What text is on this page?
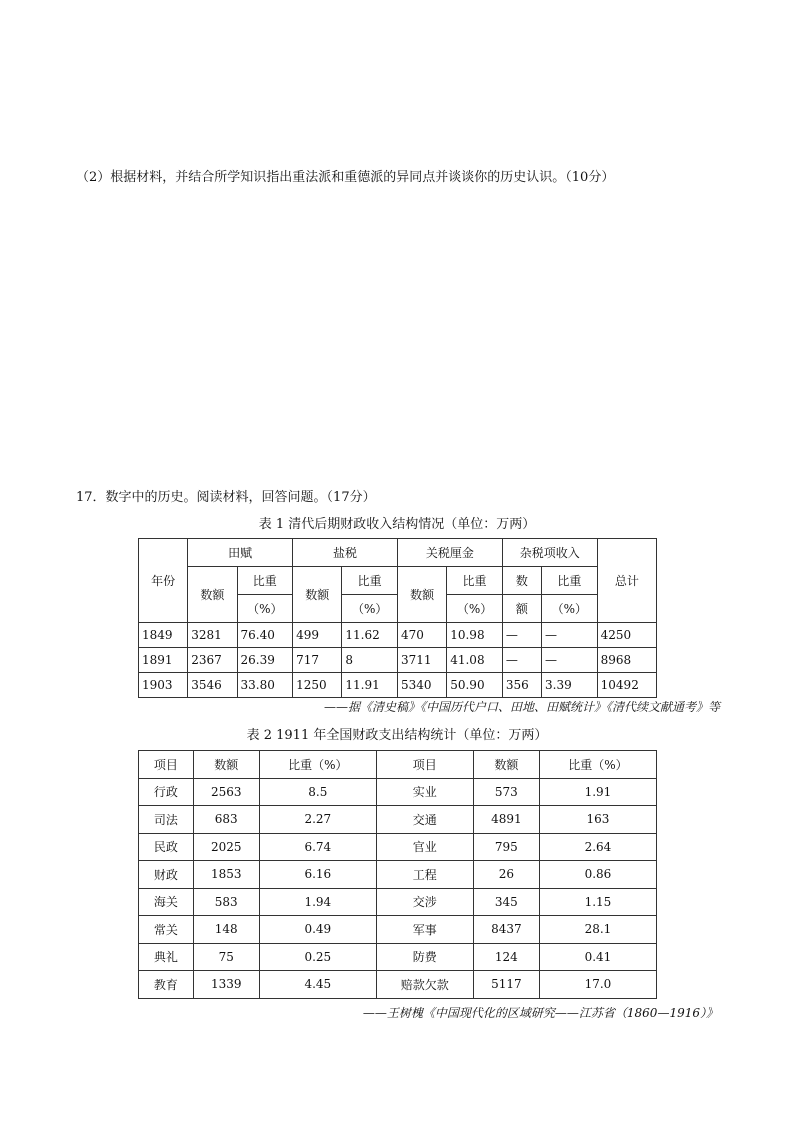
（2）根据材料，并结合所学知识指出重法派和重德派的异同点并谈谈你的历史认识。（10分）
17．数字中的历史。阅读材料，回答问题。（17分）
表 1 清代后期财政收入结构情况（单位：万两）
年份	田赋		盐税		关税厘金		杂税项收入		总计
	数额	比重	数额	比重	数额	比重	数	比重	
		（%）		（%）		（%）	额	（%）	
1849	3281	76.40	499	11.62	470	10.98	—	—	4250
1891	2367	26.39	717	8	3711	41.08	—	—	8968
1903	3546	33.80	1250	11.91	5340	50.90	356	3.39	10492
——据《清史稿》《中国历代户口、田地、田赋统计》《清代续文献通考》等
表 2 1911 年全国财政支出结构统计（单位：万两）
项目	数额	比重（%）	项目	数额	比重（%）
行政	2563	8.5	实业	573	1.91
司法	683	2.27	交通	4891	163
民政	2025	6.74	官业	795	2.64
财政	1853	6.16	工程	26	0.86
海关	583	1.94	交涉	345	1.15
常关	148	0.49	军事	8437	28.1
典礼	75	0.25	防费	124	0.41
教育	1339	4.45	赔款欠款	5117	17.0
——王树槐《中国现代化的区域研究——江苏省（1860—1916）》
